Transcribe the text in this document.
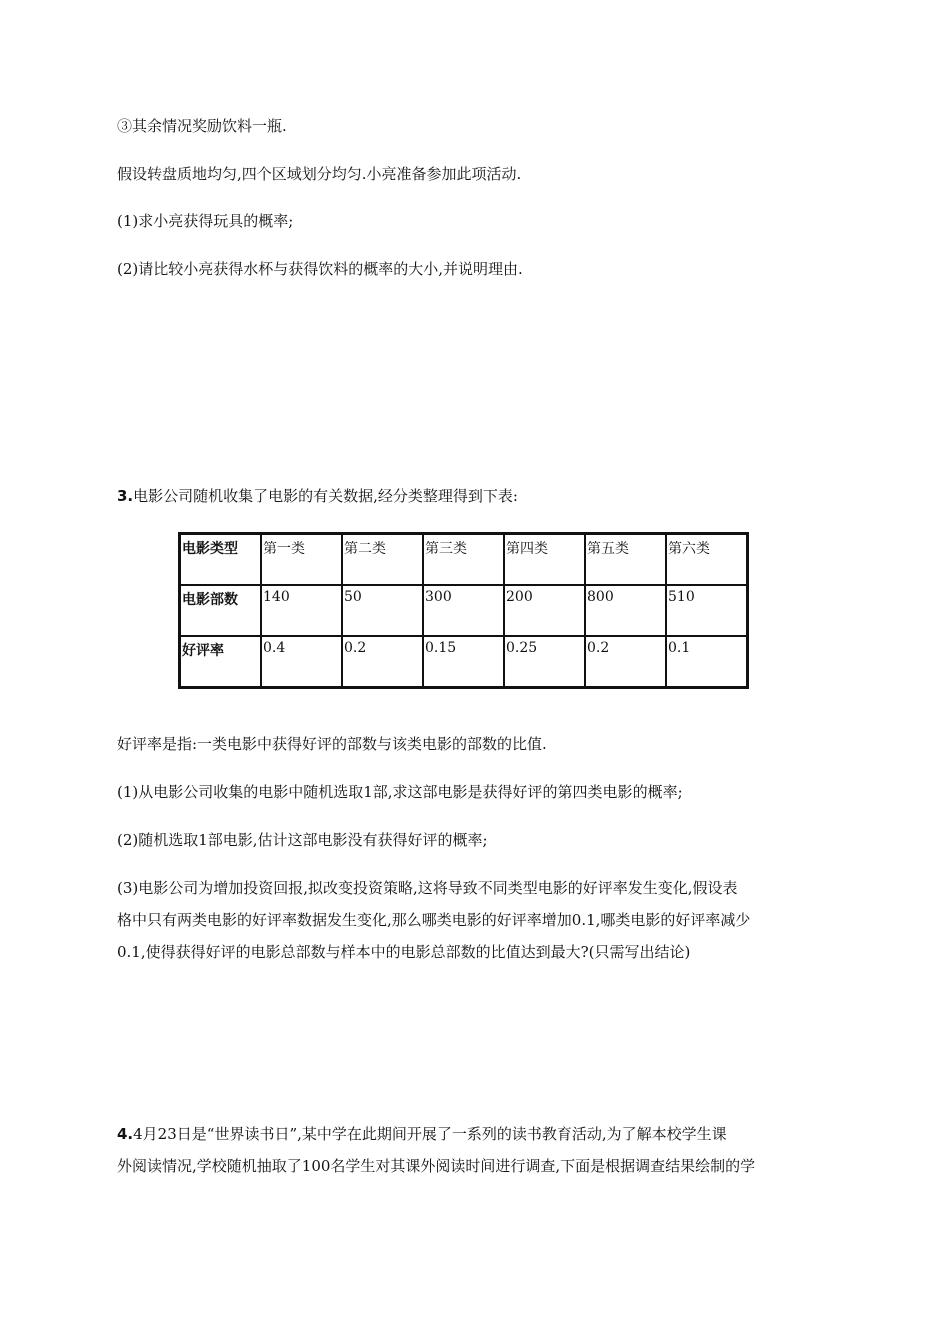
③其余情况奖励饮料一瓶.

假设转盘质地均匀,四个区域划分均匀.小亮准备参加此项活动.

(1)求小亮获得玩具的概率;

(2)请比较小亮获得水杯与获得饮料的概率的大小,并说明理由.

3.电影公司随机收集了电影的有关数据,经分类整理得到下表:

电影类型	第一类	第二类	第三类	第四类	第五类	第六类
电影部数	140	50	300	200	800	510
好评率	0.4	0.2	0.15	0.25	0.2	0.1

好评率是指:一类电影中获得好评的部数与该类电影的部数的比值.

(1)从电影公司收集的电影中随机选取1部,求这部电影是获得好评的第四类电影的概率;

(2)随机选取1部电影,估计这部电影没有获得好评的概率;

(3)电影公司为增加投资回报,拟改变投资策略,这将导致不同类型电影的好评率发生变化,假设表

格中只有两类电影的好评率数据发生变化,那么哪类电影的好评率增加0.1,哪类电影的好评率减少

0.1,使得获得好评的电影总部数与样本中的电影总部数的比值达到最大?(只需写出结论)

4.4月23日是“世界读书日”,某中学在此期间开展了一系列的读书教育活动,为了解本校学生课

外阅读情况,学校随机抽取了100名学生对其课外阅读时间进行调查,下面是根据调查结果绘制的学
